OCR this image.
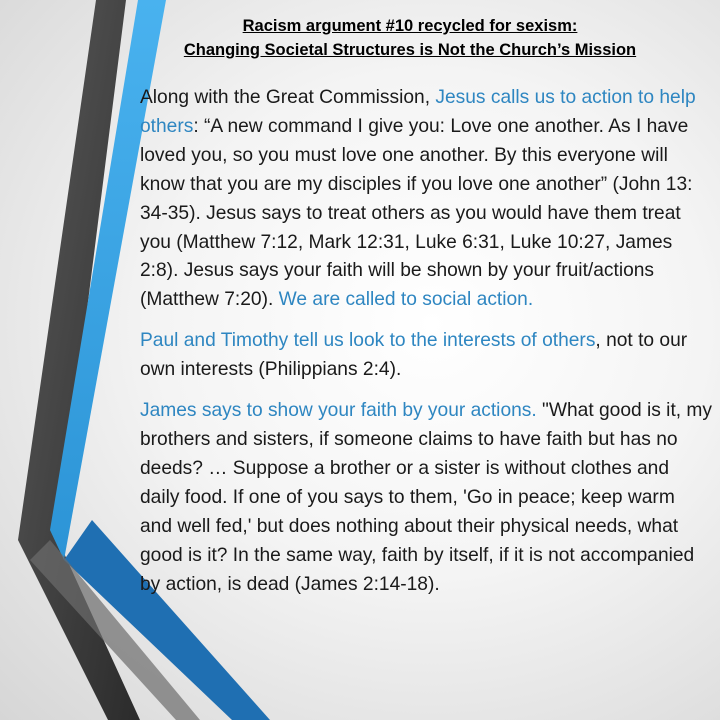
Racism argument #10 recycled for sexism:
Changing Societal Structures is Not the Church’s Mission

Along with the Great Commission, Jesus calls us to action to help others: “A new command I give you: Love one another. As I have loved you, so you must love one another. By this everyone will know that you are my disciples if you love one another” (John 13: 34-35). Jesus says to treat others as you would have them treat you (Matthew 7:12, Mark 12:31, Luke 6:31, Luke 10:27, James 2:8). Jesus says your faith will be shown by your fruit/actions (Matthew 7:20). We are called to social action.

Paul and Timothy tell us look to the interests of others, not to our own interests (Philippians 2:4).

James says to show your faith by your actions. "What good is it, my brothers and sisters, if someone claims to have faith but has no deeds? … Suppose a brother or a sister is without clothes and daily food. If one of you says to them, 'Go in peace; keep warm and well fed,' but does nothing about their physical needs, what good is it? In the same way, faith by itself, if it is not accompanied by action, is dead (James 2:14-18).
